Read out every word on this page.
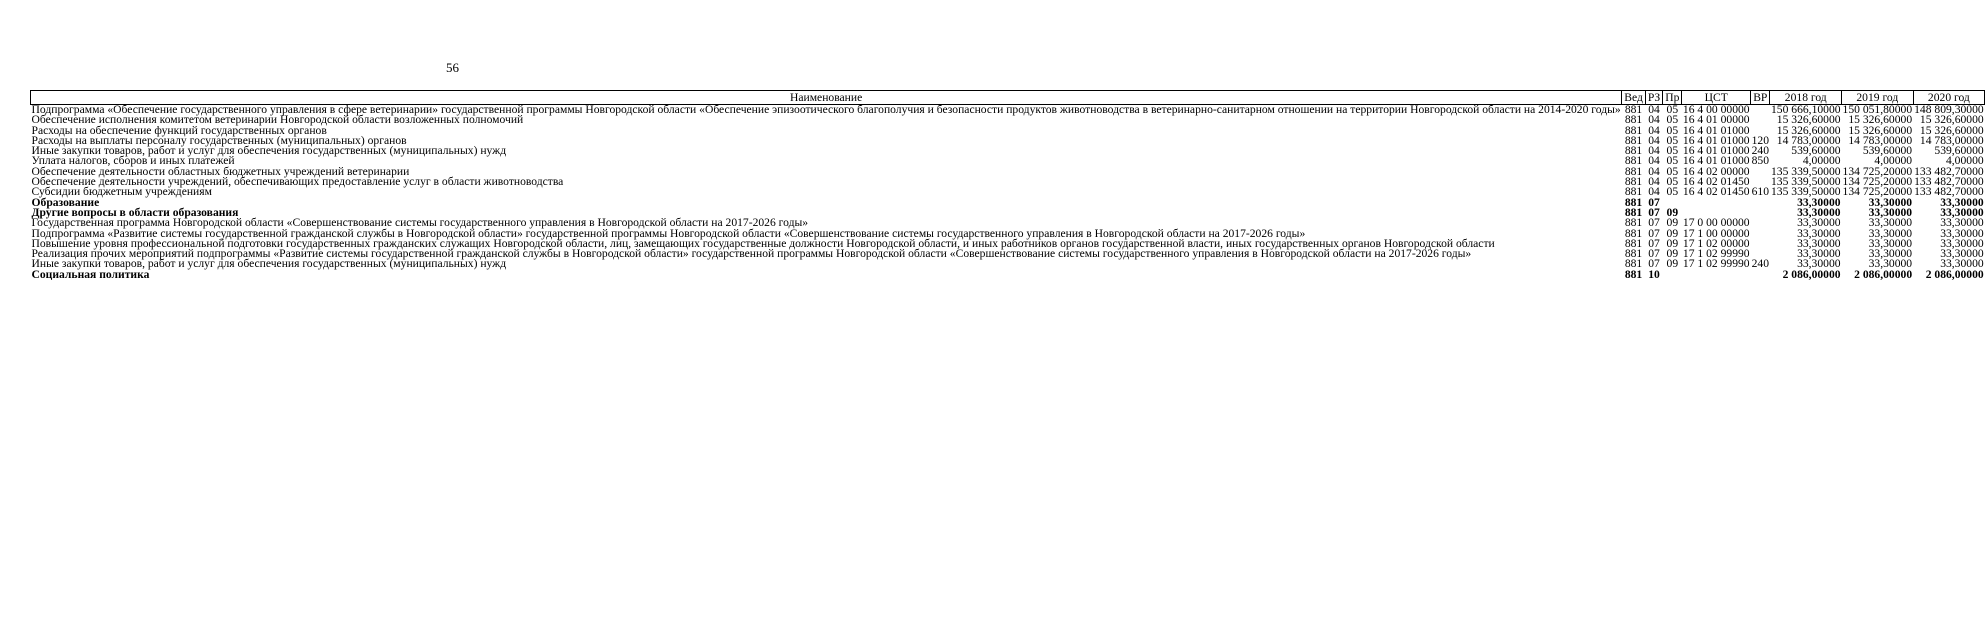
56
Наименование	Вед	РЗ	Пр	ЦСТ	ВР	2018 год	2019 год	2020 год
Подпрограмма «Обеспечение государственного управления в сфере ветеринарии» государственной программы Новгородской области «Обеспечение эпизоотического благополучия и безопасности продуктов животноводства в ветеринарно-санитарном отношении на территории Новгородской области на 2014-2020 годы»	881	04	05	16 4 00 00000		150 666,10000	150 051,80000	148 809,30000
Обеспечение исполнения комитетом ветеринарии Новгородской области возложенных полномочий	881	04	05	16 4 01 00000		15 326,60000	15 326,60000	15 326,60000
Расходы на обеспечение функций государственных органов	881	04	05	16 4 01 01000		15 326,60000	15 326,60000	15 326,60000
Расходы на выплаты персоналу государственных (муниципальных) органов	881	04	05	16 4 01 01000	120	14 783,00000	14 783,00000	14 783,00000
Иные закупки товаров, работ и услуг для обеспечения государственных (муниципальных) нужд	881	04	05	16 4 01 01000	240	539,60000	539,60000	539,60000
Уплата налогов, сборов и иных платежей	881	04	05	16 4 01 01000	850	4,00000	4,00000	4,00000
Обеспечение деятельности областных бюджетных учреждений ветеринарии	881	04	05	16 4 02 00000		135 339,50000	134 725,20000	133 482,70000
Обеспечение деятельности учреждений, обеспечивающих предоставление услуг в области животноводства	881	04	05	16 4 02 01450		135 339,50000	134 725,20000	133 482,70000
Субсидии бюджетным учреждениям	881	04	05	16 4 02 01450	610	135 339,50000	134 725,20000	133 482,70000
Образование	881	07				33,30000	33,30000	33,30000
Другие вопросы в области образования	881	07	09			33,30000	33,30000	33,30000
Государственная программа Новгородской области «Совершенствование системы государственного управления в Новгородской области на 2017-2026 годы»	881	07	09	17 0 00 00000		33,30000	33,30000	33,30000
Подпрограмма «Развитие системы государственной гражданской службы в Новгородской области» государственной программы Новгородской области «Совершенствование системы государственного управления в Новгородской области на 2017-2026 годы»	881	07	09	17 1 00 00000		33,30000	33,30000	33,30000
Повышение уровня профессиональной подготовки государственных гражданских служащих Новгородской области, лиц, замещающих государственные должности Новгородской области, и иных работников органов государственной власти, иных государственных органов Новгородской области	881	07	09	17 1 02 00000		33,30000	33,30000	33,30000
Реализация прочих мероприятий подпрограммы «Развитие системы государственной гражданской службы в Новгородской области» государственной программы Новгородской области «Совершенствование системы государственного управления в Новгородской области на 2017-2026 годы»	881	07	09	17 1 02 99990		33,30000	33,30000	33,30000
Иные закупки товаров, работ и услуг для обеспечения государственных (муниципальных) нужд	881	07	09	17 1 02 99990	240	33,30000	33,30000	33,30000
Социальная политика	881	10				2 086,00000	2 086,00000	2 086,00000
